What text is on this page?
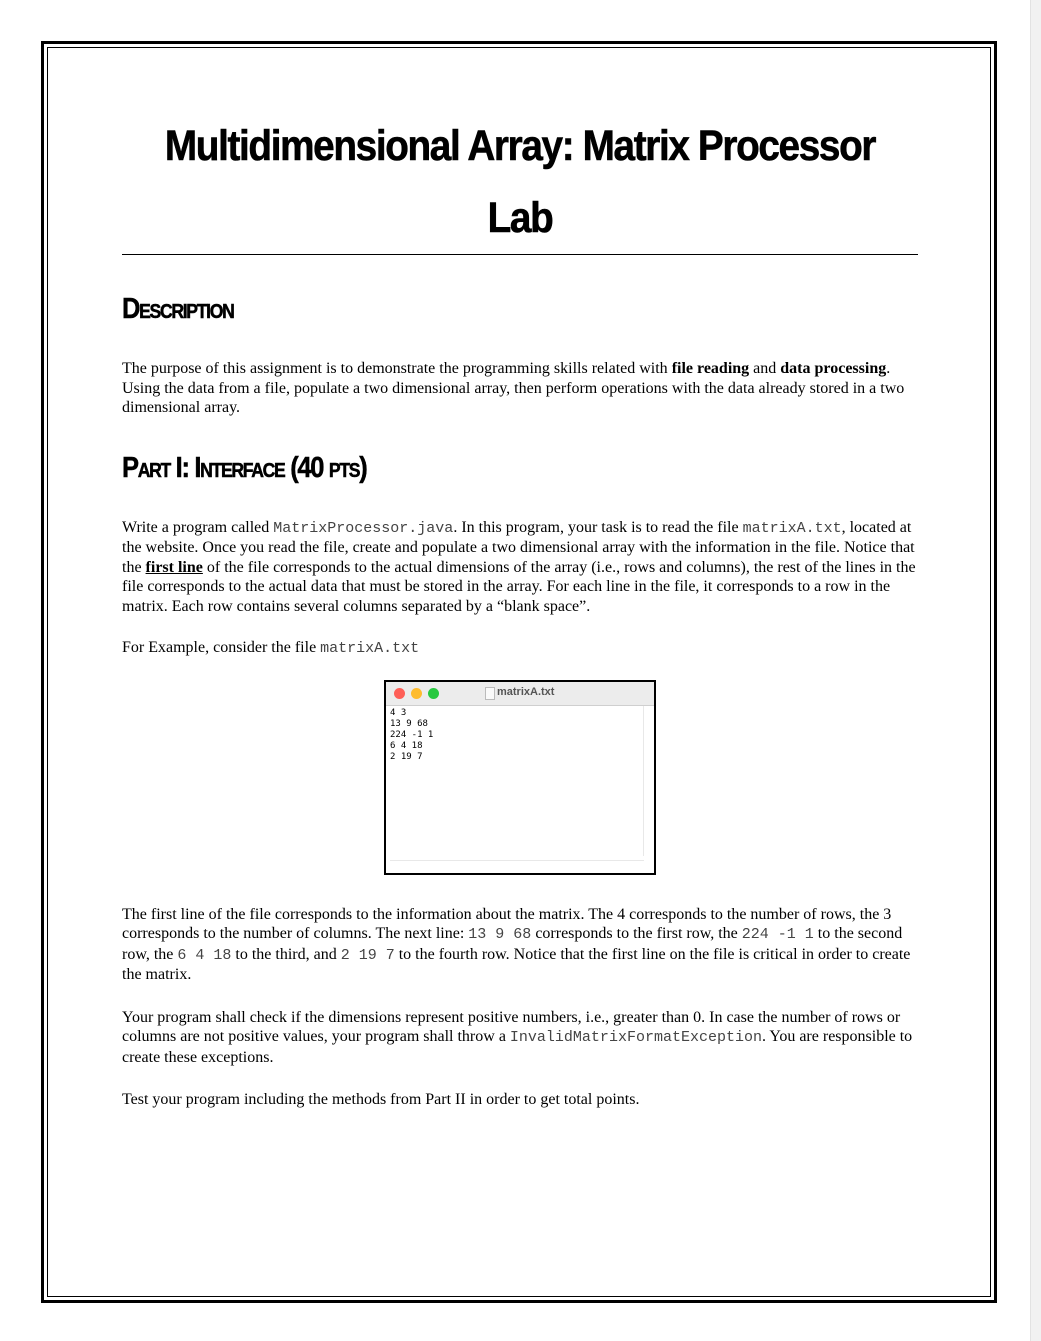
Multidimensional Array: Matrix Processor Lab
Description

The purpose of this assignment is to demonstrate the programming skills related with file reading and data processing. Using the data from a file, populate a two dimensional array, then perform operations with the data already stored in a two dimensional array.

Part I: Interface (40 pts)

Write a program called MatrixProcessor.java. In this program, your task is to read the file matrixA.txt, located at the website. Once you read the file, create and populate a two dimensional array with the information in the file. Notice that the first line of the file corresponds to the actual dimensions of the array (i.e., rows and columns), the rest of the lines in the file corresponds to the actual data that must be stored in the array. For each line in the file, it corresponds to a row in the matrix. Each row contains several columns separated by a “blank space”.

For Example, consider the file matrixA.txt

matrixA.txt
4 3
13 9 68
224 -1 1
6 4 18
2 19 7

The first line of the file corresponds to the information about the matrix. The 4 corresponds to the number of rows, the 3 corresponds to the number of columns. The next line: 13 9 68 corresponds to the first row, the 224 -1 1 to the second row, the 6 4 18 to the third, and 2 19 7 to the fourth row. Notice that the first line on the file is critical in order to create the matrix.

Your program shall check if the dimensions represent positive numbers, i.e., greater than 0. In case the number of rows or columns are not positive values, your program shall throw a InvalidMatrixFormatException. You are responsible to create these exceptions.

Test your program including the methods from Part II in order to get total points.
